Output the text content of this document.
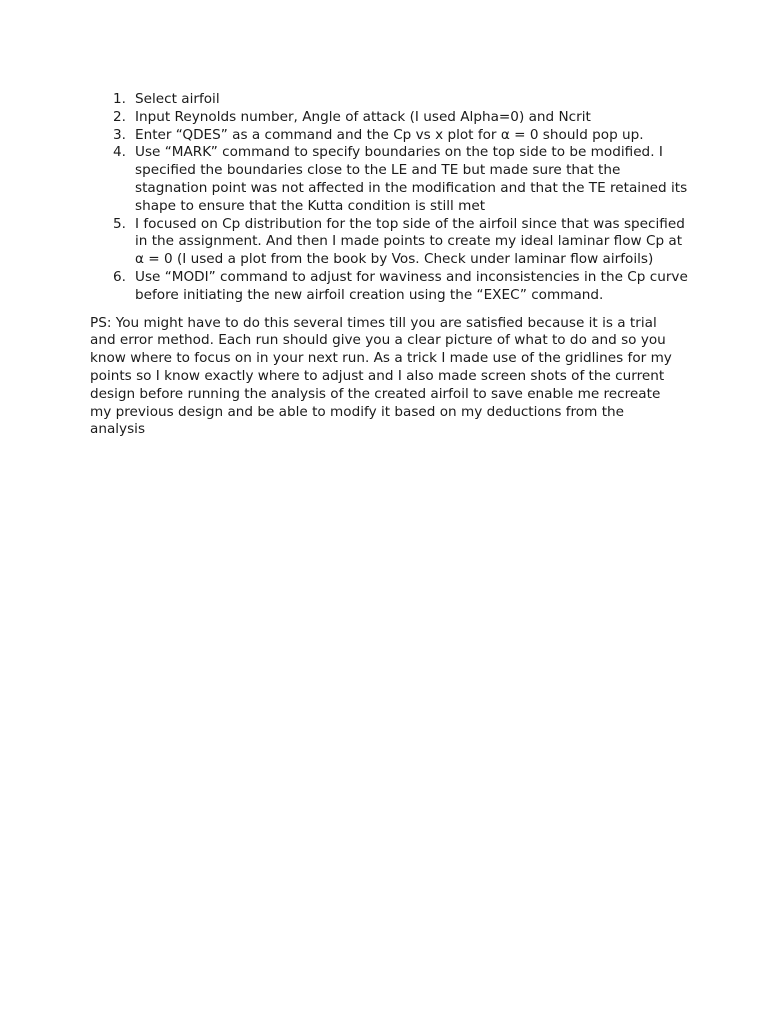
1. Select airfoil
2. Input Reynolds number, Angle of attack (I used Alpha=0) and Ncrit
3. Enter “QDES” as a command and the Cp vs x plot for α = 0 should pop up.
4. Use “MARK” command to specify boundaries on the top side to be modified. I specified the boundaries close to the LE and TE but made sure that the stagnation point was not affected in the modification and that the TE retained its shape to ensure that the Kutta condition is still met
5. I focused on Cp distribution for the top side of the airfoil since that was specified in the assignment. And then I made points to create my ideal laminar flow Cp at α = 0 (I used a plot from the book by Vos. Check under laminar flow airfoils)
6. Use “MODI” command to adjust for waviness and inconsistencies in the Cp curve before initiating the new airfoil creation using the “EXEC” command.

PS: You might have to do this several times till you are satisfied because it is a trial and error method. Each run should give you a clear picture of what to do and so you know where to focus on in your next run. As a trick I made use of the gridlines for my points so I know exactly where to adjust and I also made screen shots of the current design before running the analysis of the created airfoil to save enable me recreate my previous design and be able to modify it based on my deductions from the analysis
